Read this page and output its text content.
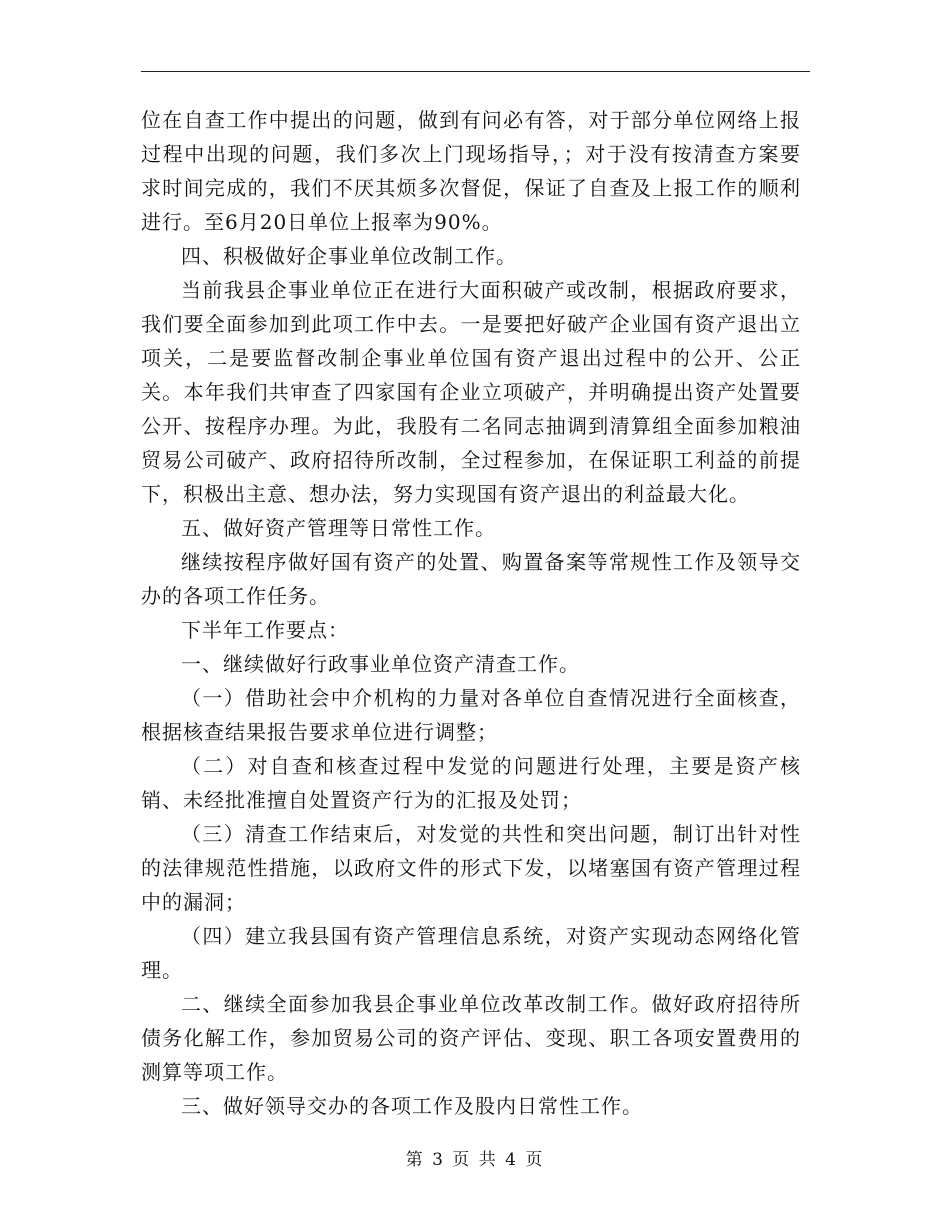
位在自查工作中提出的问题，做到有问必有答，对于部分单位网络上报过程中出现的问题，我们多次上门现场指导，；对于没有按清查方案要求时间完成的，我们不厌其烦多次督促，保证了自查及上报工作的顺利进行。至6月20日单位上报率为90%。

四、积极做好企事业单位改制工作。

当前我县企事业单位正在进行大面积破产或改制，根据政府要求，我们要全面参加到此项工作中去。一是要把好破产企业国有资产退出立项关，二是要监督改制企事业单位国有资产退出过程中的公开、公正关。本年我们共审查了四家国有企业立项破产，并明确提出资产处置要公开、按程序办理。为此，我股有二名同志抽调到清算组全面参加粮油贸易公司破产、政府招待所改制，全过程参加，在保证职工利益的前提下，积极出主意、想办法，努力实现国有资产退出的利益最大化。

五、做好资产管理等日常性工作。

继续按程序做好国有资产的处置、购置备案等常规性工作及领导交办的各项工作任务。

下半年工作要点：

一、继续做好行政事业单位资产清查工作。

（一）借助社会中介机构的力量对各单位自查情况进行全面核查，根据核查结果报告要求单位进行调整；

（二）对自查和核查过程中发觉的问题进行处理，主要是资产核销、未经批准擅自处置资产行为的汇报及处罚；

（三）清查工作结束后，对发觉的共性和突出问题，制订出针对性的法律规范性措施，以政府文件的形式下发，以堵塞国有资产管理过程中的漏洞；

（四）建立我县国有资产管理信息系统，对资产实现动态网络化管理。

二、继续全面参加我县企事业单位改革改制工作。做好政府招待所债务化解工作，参加贸易公司的资产评估、变现、职工各项安置费用的测算等项工作。

三、做好领导交办的各项工作及股内日常性工作。

第 3 页 共 4 页
